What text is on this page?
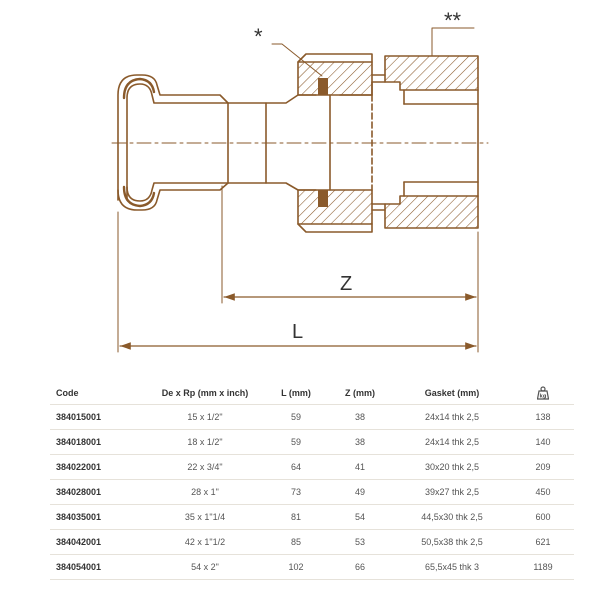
*
**
Z
L
Code	De x Rp (mm x inch)	L (mm)	Z (mm)	Gasket (mm)	kg

384015001	15 x 1/2"	59	38	24x14 thk 2,5	138
384018001	18 x 1/2"	59	38	24x14 thk 2,5	140
384022001	22 x 3/4"	64	41	30x20 thk 2,5	209
384028001	28 x 1"	73	49	39x27 thk 2,5	450
384035001	35 x 1"1/4	81	54	44,5x30 thk 2,5	600
384042001	42 x 1"1/2	85	53	50,5x38 thk 2,5	621
384054001	54 x 2"	102	66	65,5x45 thk 3	1189
